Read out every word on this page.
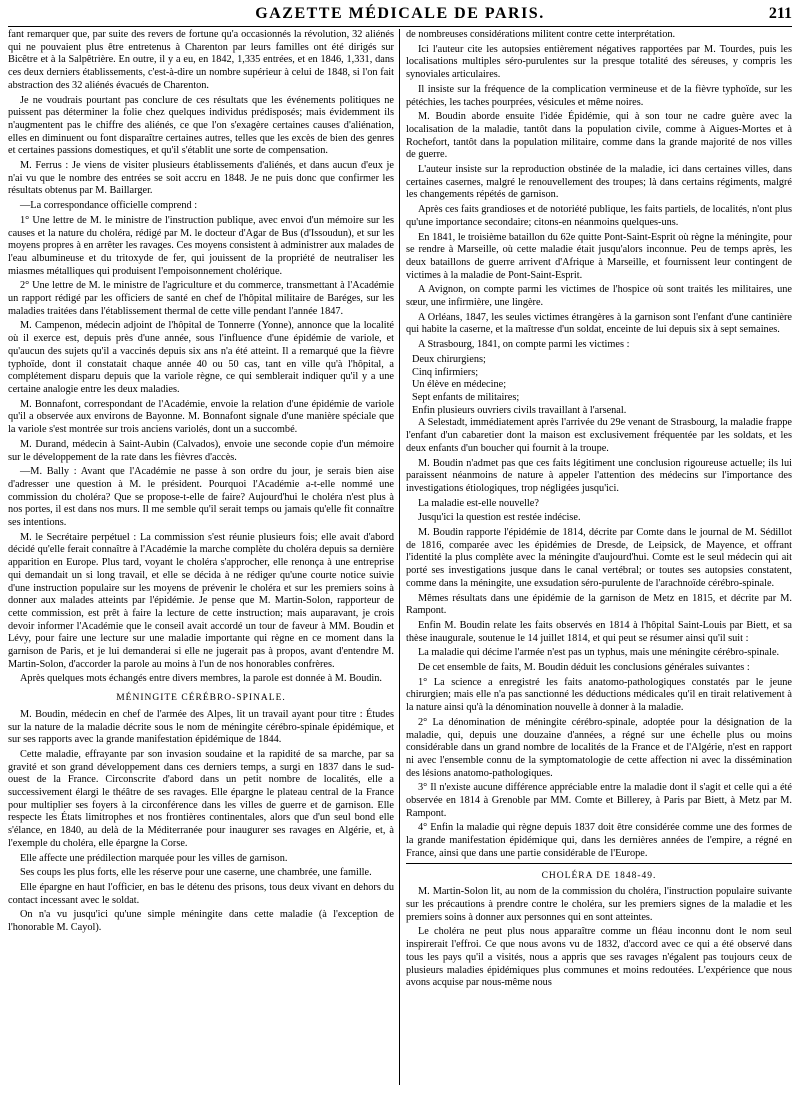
GAZETTE MÉDICALE DE PARIS.	211

fant remarquer que, par suite des revers de fortune qu'a occasionnés la révolution, 32 aliénés qui ne pouvaient plus être entretenus à Charenton par leurs familles ont été dirigés sur Bicêtre et à la Salpêtrière. En outre, il y a eu, en 1842, 1,335 entrées, et en 1846, 1,331, dans ces deux derniers établissements, c'est-à-dire un nombre supérieur à celui de 1848, si l'on fait abstraction des 32 aliénés évacués de Charenton.

Je ne voudrais pourtant pas conclure de ces résultats que les événements politiques ne puissent pas déterminer la folie chez quelques individus prédisposés; mais évidemment ils n'augmentent pas le chiffre des aliénés, ce que l'on s'exagère certaines causes d'aliénation, elles en diminuent ou font disparaître certaines autres, telles que les excès de bien des genres et certaines passions domestiques, et qu'il s'établit une sorte de compensation.

M. Ferrus : Je viens de visiter plusieurs établissements d'aliénés, et dans aucun d'eux je n'ai vu que le nombre des entrées se soit accru en 1848. Je ne puis donc que confirmer les résultats obtenus par M. Baillarger.

—La correspondance officielle comprend :

1° Une lettre de M. le ministre de l'instruction publique, avec envoi d'un mémoire sur les causes et la nature du choléra, rédigé par M. le docteur d'Agar de Bus (d'Issoudun), et sur les moyens propres à en arrêter les ravages. Ces moyens consistent à administrer aux malades de l'eau albumineuse et du tritoxyde de fer, qui jouissent de la propriété de neutraliser les miasmes métalliques qui produisent l'empoisonnement cholérique.

2° Une lettre de M. le ministre de l'agriculture et du commerce, transmettant à l'Académie un rapport rédigé par les officiers de santé en chef de l'hôpital militaire de Baréges, sur les maladies traitées dans l'établissement thermal de cette ville pendant l'année 1847.

M. Campenon, médecin adjoint de l'hôpital de Tonnerre (Yonne), annonce que la localité où il exerce est, depuis près d'une année, sous l'influence d'une épidémie de variole, et qu'aucun des sujets qu'il a vaccinés depuis six ans n'a été atteint. Il a remarqué que la fièvre typhoïde, dont il constatait chaque année 40 ou 50 cas, tant en ville qu'à l'hôpital, a complétement disparu depuis que la variole règne, ce qui semblerait indiquer qu'il y a une certaine analogie entre les deux maladies.

M. Bonnafont, correspondant de l'Académie, envoie la relation d'une épidémie de variole qu'il a observée aux environs de Bayonne. M. Bonnafont signale d'une manière spéciale que la variole s'est montrée sur trois anciens variolés, dont un a succombé.

M. Durand, médecin à Saint-Aubin (Calvados), envoie une seconde copie d'un mémoire sur le développement de la rate dans les fièvres d'accès.

—M. Bally : Avant que l'Académie ne passe à son ordre du jour, je serais bien aise d'adresser une question à M. le président. Pourquoi l'Académie a-t-elle nommé une commission du choléra? Que se propose-t-elle de faire? Aujourd'hui le choléra n'est plus à nos portes, il est dans nos murs. Il me semble qu'il serait temps ou jamais qu'elle fit connaître ses intentions.

M. le Secrétaire perpétuel : La commission s'est réunie plusieurs fois; elle avait d'abord décidé qu'elle ferait connaître à l'Académie la marche complète du choléra depuis sa dernière apparition en Europe. Plus tard, voyant le choléra s'approcher, elle renonça à une entreprise qui demandait un si long travail, et elle se décida à ne rédiger qu'une courte notice suivie d'une instruction populaire sur les moyens de prévenir le choléra et sur les premiers soins à donner aux malades atteints par l'épidémie. Je pense que M. Martin-Solon, rapporteur de cette commission, est prêt à faire la lecture de cette instruction; mais auparavant, je crois devoir informer l'Académie que le conseil avait accordé un tour de faveur à MM. Boudin et Lévy, pour faire une lecture sur une maladie importante qui règne en ce moment dans la garnison de Paris, et je lui demanderai si elle ne jugerait pas à propos, avant d'entendre M. Martin-Solon, d'accorder la parole au moins à l'un de nos honorables confrères.

Après quelques mots échangés entre divers membres, la parole est donnée à M. Boudin.

MÉNINGITE CÉRÉBRO-SPINALE.

M. Boudin, médecin en chef de l'armée des Alpes, lit un travail ayant pour titre : Études sur la nature de la maladie décrite sous le nom de méningite cérébro-spinale épidémique, et sur ses rapports avec la grande manifestation épidémique de 1844.

Cette maladie, effrayante par son invasion soudaine et la rapidité de sa marche, par sa gravité et son grand développement dans ces derniers temps, a surgi en 1837 dans le sud-ouest de la France. Circonscrite d'abord dans un petit nombre de localités, elle a successivement élargi le théâtre de ses ravages. Elle épargne le plateau central de la France pour multiplier ses foyers à la circonférence dans les villes de guerre et de garnison. Elle respecte les États limitrophes et nos frontières continentales, alors que d'un seul bond elle s'élance, en 1840, au delà de la Méditerranée pour inaugurer ses ravages en Algérie, et, à l'exemple du choléra, elle épargne la Corse.

Elle affecte une prédilection marquée pour les villes de garnison.

Ses coups les plus forts, elle les réserve pour une caserne, une chambrée, une famille.

Elle épargne en haut l'officier, en bas le détenu des prisons, tous deux vivant en dehors du contact incessant avec le soldat.

On n'a vu jusqu'ici qu'une simple méningite dans cette maladie (à l'exception de l'honorable M. Cayol).

de nombreuses considérations militent contre cette interprétation.

Ici l'auteur cite les autopsies entièrement négatives rapportées par M. Tourdes, puis les localisations multiples séro-purulentes sur la presque totalité des séreuses, y compris les synoviales articulaires.

Il insiste sur la fréquence de la complication vermineuse et de la fièvre typhoïde, sur les pétéchies, les taches pourprées, vésicules et même noires.

M. Boudin aborde ensuite l'idée Épidémie, qui à son tour ne cadre guère avec la localisation de la maladie, tantôt dans la population civile, comme à Aigues-Mortes et à Rochefort, tantôt dans la population militaire, comme dans la grande majorité de nos villes de guerre.

L'auteur insiste sur la reproduction obstinée de la maladie, ici dans certaines villes, dans certaines casernes, malgré le renouvellement des troupes; là dans certains régiments, malgré les changements répétés de garnison.

Après ces faits grandioses et de notoriété publique, les faits partiels, de localités, n'ont plus qu'une importance secondaire; citons-en néanmoins quelques-uns.

En 1841, le troisième bataillon du 62e quitte Pont-Saint-Esprit où règne la méningite, pour se rendre à Marseille, où cette maladie était jusqu'alors inconnue. Peu de temps après, les deux bataillons de guerre arrivent d'Afrique à Marseille, et fournissent leur contingent de victimes à la maladie de Pont-Saint-Esprit.

A Avignon, on compte parmi les victimes de l'hospice où sont traités les militaires, une sœur, une infirmière, une lingère.

A Orléans, 1847, les seules victimes étrangères à la garnison sont l'enfant d'une cantinière qui habite la caserne, et la maîtresse d'un soldat, enceinte de lui depuis six à sept semaines.

A Strasbourg, 1841, on compte parmi les victimes :

Deux chirurgiens;

Cinq infirmiers;

Un élève en médecine;

Sept enfants de militaires;

Enfin plusieurs ouvriers civils travaillant à l'arsenal.

A Selestadt, immédiatement après l'arrivée du 29e venant de Strasbourg, la maladie frappe l'enfant d'un cabaretier dont la maison est exclusivement fréquentée par les soldats, et les deux enfants d'un boucher qui fournit à la troupe.

M. Boudin n'admet pas que ces faits légitiment une conclusion rigoureuse actuelle; ils lui paraissent néanmoins de nature à appeler l'attention des médecins sur l'importance des investigations étiologiques, trop négligées jusqu'ici.

La maladie est-elle nouvelle?

Jusqu'ici la question est restée indécise.

M. Boudin rapporte l'épidémie de 1814, décrite par Comte dans le journal de M. Sédillot de 1816, comparée avec les épidémies de Dresde, de Leipsick, de Mayence, et offrant l'identité la plus complète avec la méningite d'aujourd'hui. Comte est le seul médecin qui ait porté ses investigations jusque dans le canal vertébral; or toutes ses autopsies constatent, comme dans la méningite, une exsudation séro-purulente de l'arachnoïde cérébro-spinale.

Mêmes résultats dans une épidémie de la garnison de Metz en 1815, et décrite par M. Rampont.

Enfin M. Boudin relate les faits observés en 1814 à l'hôpital Saint-Louis par Biett, et sa thèse inaugurale, soutenue le 14 juillet 1814, et qui peut se résumer ainsi qu'il suit :

La maladie qui décime l'armée n'est pas un typhus, mais une méningite cérébro-spinale.

De cet ensemble de faits, M. Boudin déduit les conclusions générales suivantes :

1° La science a enregistré les faits anatomo-pathologiques constatés par le jeune chirurgien; mais elle n'a pas sanctionné les déductions médicales qu'il en tirait relativement à la nature ainsi qu'à la dénomination nouvelle à donner à la maladie.

2° La dénomination de méningite cérébro-spinale, adoptée pour la désignation de la maladie, qui, depuis une douzaine d'années, a régné sur une échelle plus ou moins considérable dans un grand nombre de localités de la France et de l'Algérie, n'est en rapport ni avec l'ensemble connu de la symptomatologie de cette affection ni avec la dissémination des lésions anatomo-pathologiques.

3° Il n'existe aucune différence appréciable entre la maladie dont il s'agit et celle qui a été observée en 1814 à Grenoble par MM. Comte et Billerey, à Paris par Biett, à Metz par M. Rampont.

4° Enfin la maladie qui règne depuis 1837 doit être considérée comme une des formes de la grande manifestation épidémique qui, dans les dernières années de l'empire, a régné en France, ainsi que dans une partie considérable de l'Europe.

CHOLÉRA DE 1848-49.

M. Martin-Solon lit, au nom de la commission du choléra, l'instruction populaire suivante sur les précautions à prendre contre le choléra, sur les premiers signes de la maladie et les premiers soins à donner aux personnes qui en sont atteintes.

Le choléra ne peut plus nous apparaître comme un fléau inconnu dont le nom seul inspirerait l'effroi. Ce que nous avons vu de 1832, d'accord avec ce qui a été observé dans tous les pays qu'il a visités, nous a appris que ses ravages n'égalent pas toujours ceux de plusieurs maladies épidémiques plus communes et moins redoutées. L'expérience que nous avons acquise par nous-même nous
